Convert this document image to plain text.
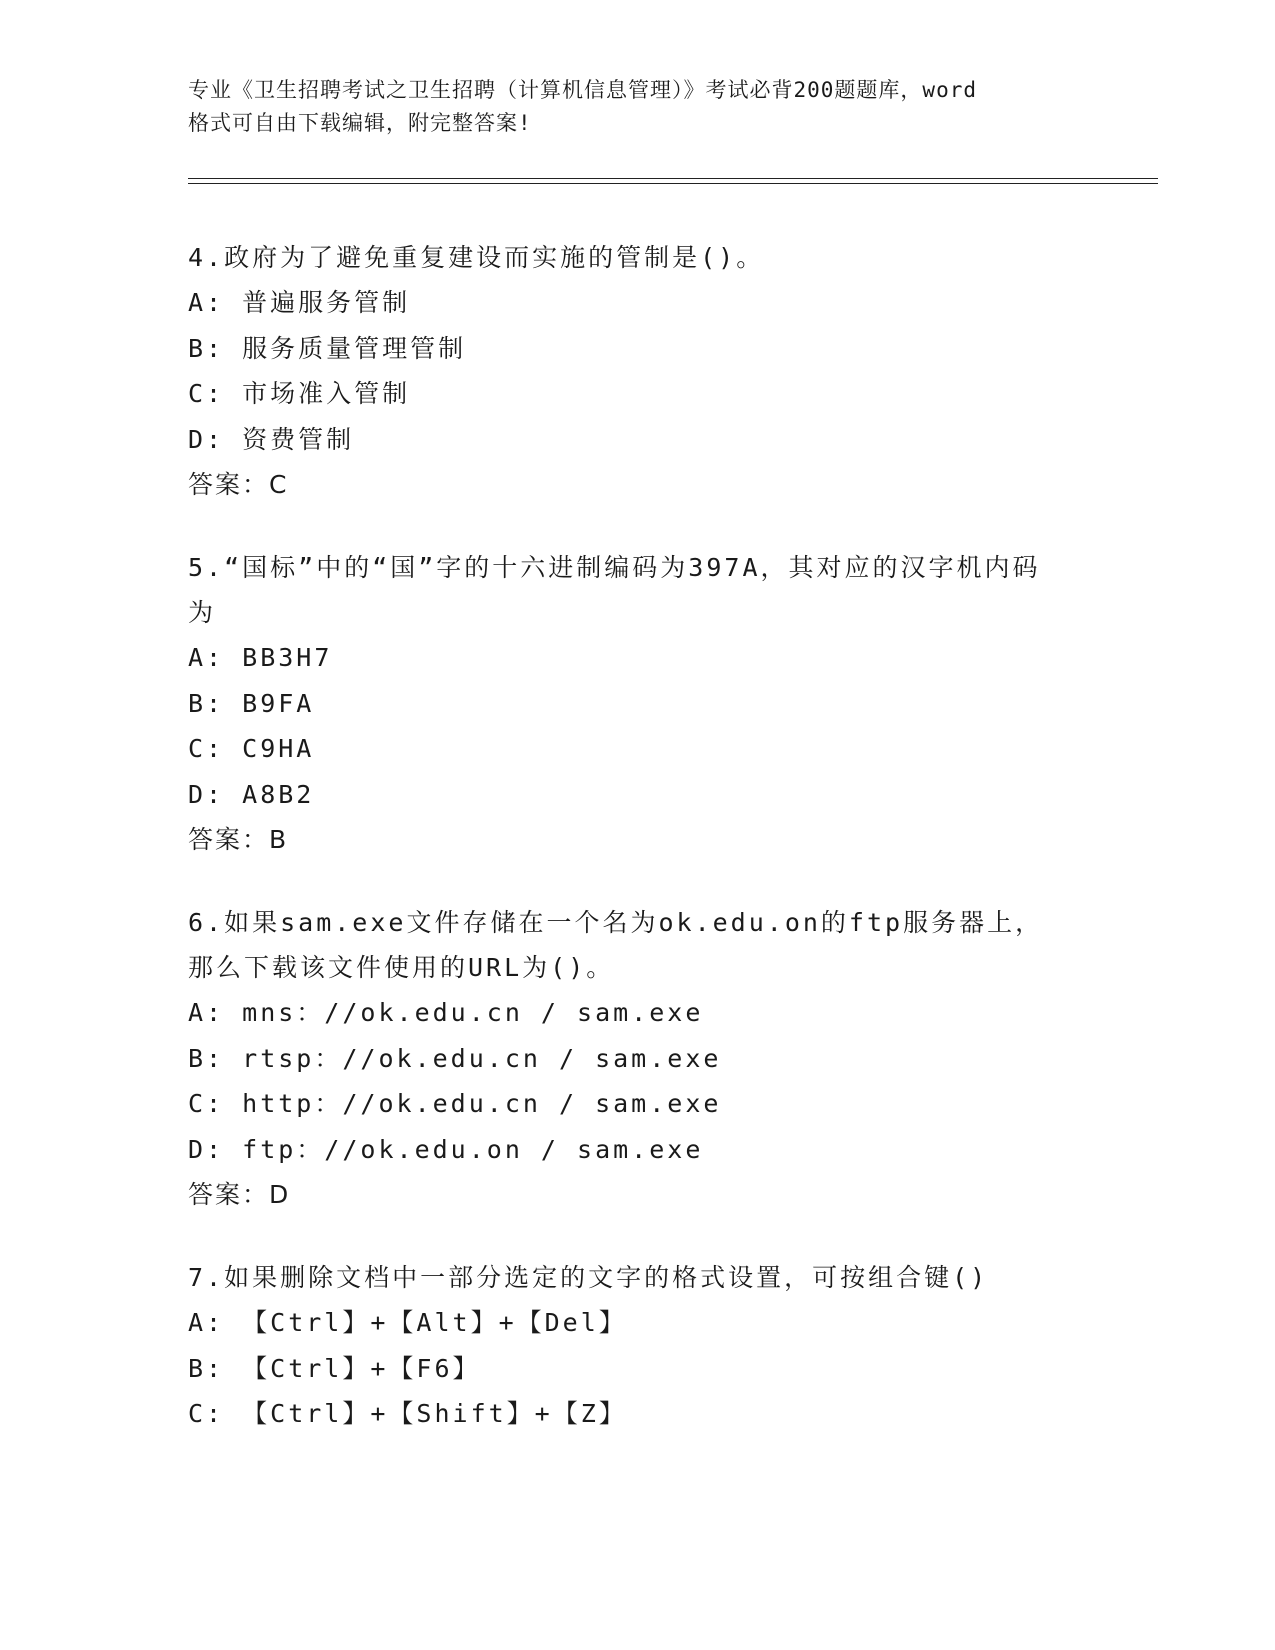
专业《卫生招聘考试之卫生招聘（计算机信息管理）》考试必背200题题库，word
格式可自由下载编辑，附完整答案!
4.政府为了避免重复建设而实施的管制是()。
A: 普遍服务管制
B: 服务质量管理管制
C: 市场准入管制
D: 资费管制
答案：C
5.“国标”中的“国”字的十六进制编码为397A，其对应的汉字机内码为
A: BB3H7
B: B9FA
C: C9HA
D: A8B2
答案：B
6.如果sam.exe文件存储在一个名为ok.edu.on的ftp服务器上，那么下载该文件使用的URL为()。
A: mns：//ok.edu.cn / sam.exe
B: rtsp：//ok.edu.cn / sam.exe
C: http：//ok.edu.cn / sam.exe
D: ftp：//ok.edu.on / sam.exe
答案：D
7.如果删除文档中一部分选定的文字的格式设置，可按组合键()
A: 【Ctrl】+【Alt】+【Del】
B: 【Ctrl】+【F6】
C: 【Ctrl】+【Shift】+【Z】
